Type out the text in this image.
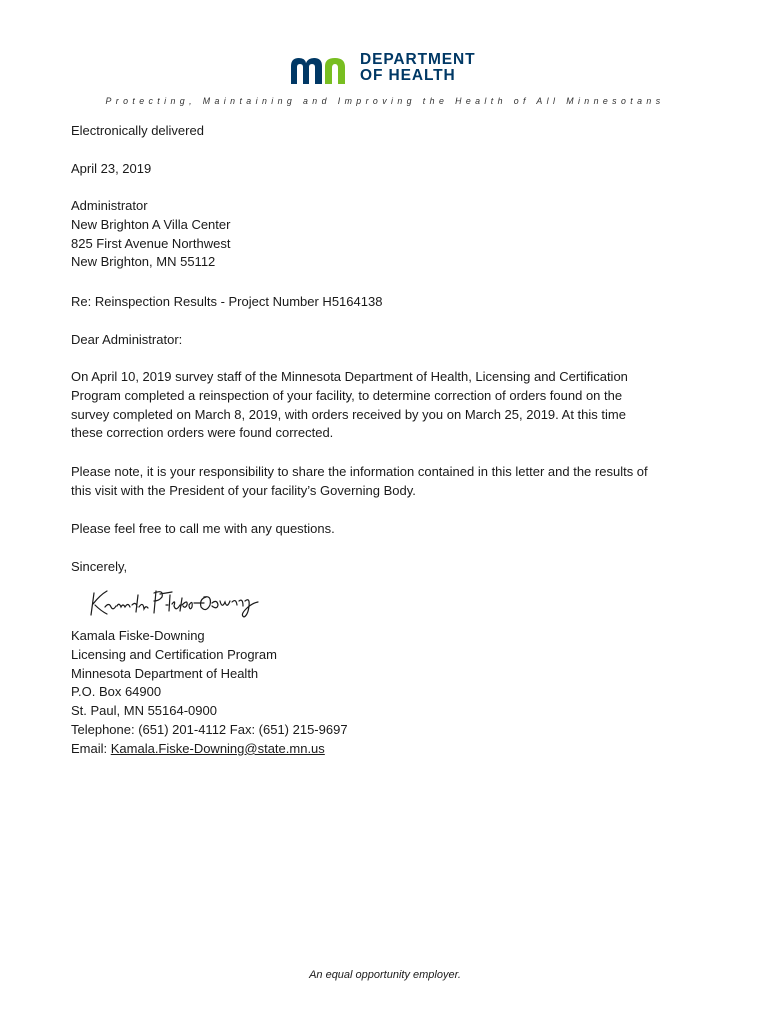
DEPARTMENT
OF HEALTH
Protecting, Maintaining and Improving the Health of All Minnesotans
Electronically delivered
April 23, 2019
Administrator
New Brighton A Villa Center
825 First Avenue Northwest
New Brighton, MN 55112
Re: Reinspection Results - Project Number H5164138
Dear Administrator:
On April 10, 2019 survey staff of the Minnesota Department of Health, Licensing and Certification
Program completed a reinspection of your facility, to determine correction of orders found on the
survey completed on March 8, 2019, with orders received by you on March 25, 2019. At this time
these correction orders were found corrected.
Please note, it is your responsibility to share the information contained in this letter and the results of
this visit with the President of your facility’s Governing Body.
Please feel free to call me with any questions.
Sincerely,
Kamala Fiske-Downing
Licensing and Certification Program
Minnesota Department of Health
P.O. Box 64900
St. Paul, MN 55164-0900
Telephone: (651) 201-4112 Fax: (651) 215-9697
Email: Kamala.Fiske-Downing@state.mn.us
An equal opportunity employer.
